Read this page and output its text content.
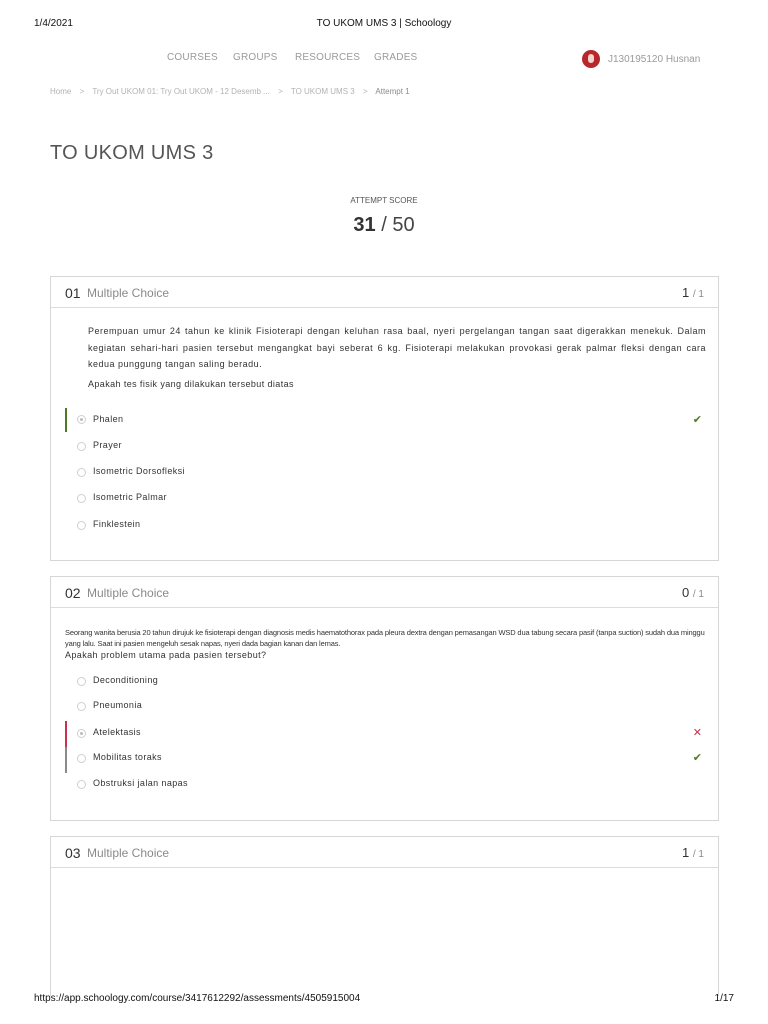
1/4/2021	TO UKOM UMS 3 | Schoology
COURSES GROUPS RESOURCES GRADES	J130195120 Husnan
Home > Try Out UKOM 01: Try Out UKOM - 12 Desemb ... > TO UKOM UMS 3 > Attempt 1
TO UKOM UMS 3
ATTEMPT SCORE
31 / 50
01 Multiple Choice	1 / 1
Perempuan umur 24 tahun ke klinik Fisioterapi dengan keluhan rasa baal, nyeri pergelangan tangan saat digerakkan menekuk. Dalam kegiatan sehari-hari pasien tersebut mengangkat bayi seberat 6 kg. Fisioterapi melakukan provokasi gerak palmar fleksi dengan cara kedua punggung tangan saling beradu.
Apakah tes fisik yang dilakukan tersebut diatas
Phalen	✔
Prayer
Isometric Dorsofleksi
Isometric Palmar
Finklestein
02 Multiple Choice	0 / 1
Seorang wanita berusia 20 tahun dirujuk ke fisioterapi dengan diagnosis medis haematothorax pada pleura dextra dengan pemasangan WSD dua tabung secara pasif (tanpa suction) sudah dua minggu yang lalu. Saat ini pasien mengeluh sesak napas, nyeri dada bagian kanan dan lemas.
Apakah problem utama pada pasien tersebut?
Deconditioning
Pneumonia
Atelektasis	✕
Mobilitas toraks	✔
Obstruksi jalan napas
03 Multiple Choice	1 / 1
https://app.schoology.com/course/3417612292/assessments/4505915004	1/17
